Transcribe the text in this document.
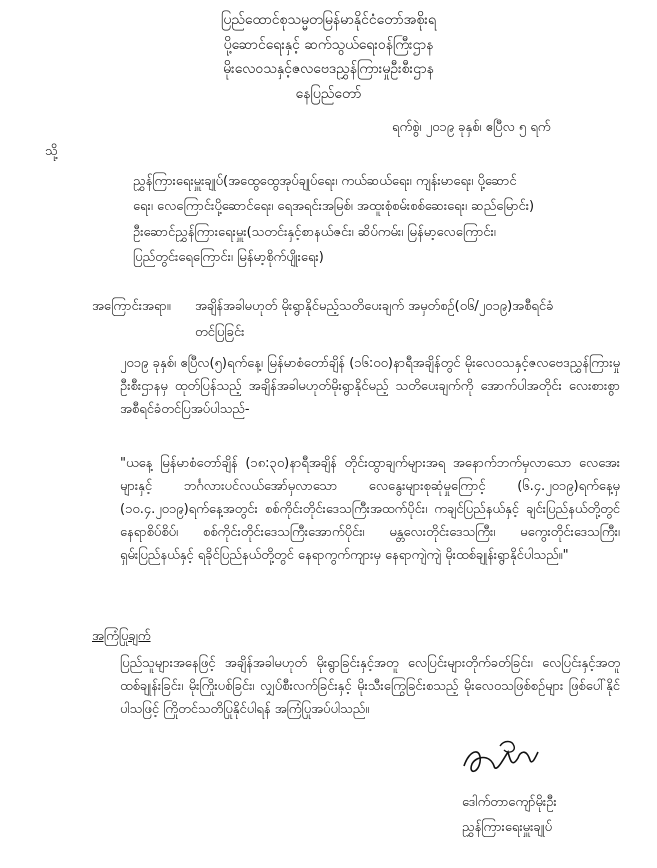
ပြည်ထောင်စုသမ္မတမြန်မာနိုင်ငံတော်အစိုးရ
ပို့ဆောင်ရေးနှင့် ဆက်သွယ်ရေးဝန်ကြီးဌာန
မိုးလေဝသနှင့်ဇလဗေဒညွှန်ကြားမှုဦးစီးဌာန
နေပြည်တော်
ရက်စွဲ၊ ၂၀၁၉ ခုနှစ်၊ ဧပြီလ ၅ ရက်
သို့
ညွှန်ကြားရေးမှူးချုပ်(အထွေထွေအုပ်ချုပ်ရေး၊ ကယ်ဆယ်ရေး၊ ကျန်းမာရေး၊ ပို့ဆောင်
ရေး၊ လေကြောင်းပို့ဆောင်ရေး၊ ရေအရင်းအမြစ်၊ အထူးစုံစမ်းစစ်ဆေးရေး၊ ဆည်မြောင်း)
ဦးဆောင်ညွှန်ကြားရေးမှူး(သတင်းနှင့်စာနယ်ဇင်း၊ ဆိပ်ကမ်း၊ မြန်မာ့လေကြောင်း၊
ပြည်တွင်းရေကြောင်း၊ မြန်မာ့စိုက်ပျိုးရေး)
အကြောင်းအရာ။ အချိန်အခါမဟုတ် မိုးရွာနိုင်မည့်သတိပေးချက် အမှတ်စဉ်(၀၆/၂၀၁၉)အစီရင်ခံ
တင်ပြခြင်း
၂၀၁၉ ခုနှစ်၊ ဧပြီလ(၅)ရက်နေ့၊ မြန်မာစံတော်ချိန် (၁၆:၀၀)နာရီအချိန်တွင် မိုးလေဝသနှင့်ဇလဗေဒညွှန်ကြားမှုဦးစီးဌာနမှ ထုတ်ပြန်သည့် အချိန်အခါမဟုတ်မိုးရွာနိုင်မည့် သတိပေးချက်ကို အောက်ပါအတိုင်း လေးစားစွာ အစီရင်ခံတင်ပြအပ်ပါသည်-
"ယနေ့ မြန်မာစံတော်ချိန် (၁၈:၃၀)နာရီအချိန် တိုင်းထွာချက်များအရ အနောက်ဘက်မှလာသော လေအေးများနှင့် ဘင်္ဂလားပင်လယ်အော်မှလာသော လေနွေးများစုဆုံမှုကြောင့် (၆.၄.၂၀၁၉)ရက်နေ့မှ (၁၀.၄.၂၀၁၉)ရက်နေ့အတွင်း စစ်ကိုင်းတိုင်းဒေသကြီးအထက်ပိုင်း၊ ကချင်ပြည်နယ်နှင့် ချင်းပြည်နယ်တို့တွင် နေရာစိပ်စိပ်၊ စစ်ကိုင်းတိုင်းဒေသကြီးအောက်ပိုင်း၊ မန္တလေးတိုင်းဒေသကြီး၊ မကွေးတိုင်းဒေသကြီး၊ ရှမ်းပြည်နယ်နှင့် ရခိုင်ပြည်နယ်တို့တွင် နေရာကွက်ကျားမှ နေရာကျဲကျဲ မိုးထစ်ချုန်းရွာနိုင်ပါသည်။"
အကြံပြုချက်
ပြည်သူများအနေဖြင့် အချိန်အခါမဟုတ် မိုးရွာခြင်းနှင့်အတူ လေပြင်းများတိုက်ခတ်ခြင်း၊ လေပြင်းနှင့်အတူ ထစ်ချုန်းခြင်း၊ မိုးကြိုးပစ်ခြင်း၊ လျှပ်စီးလက်ခြင်းနှင့် မိုးသီးကြွေခြင်းစသည့် မိုးလေဝသဖြစ်စဉ်များ ဖြစ်ပေါ်နိုင်ပါသဖြင့် ကြိုတင်သတိပြုနိုင်ပါရန် အကြံပြုအပ်ပါသည်။
ဒေါက်တာကျော်မိုးဦး
ညွှန်ကြားရေးမှူးချုပ်
